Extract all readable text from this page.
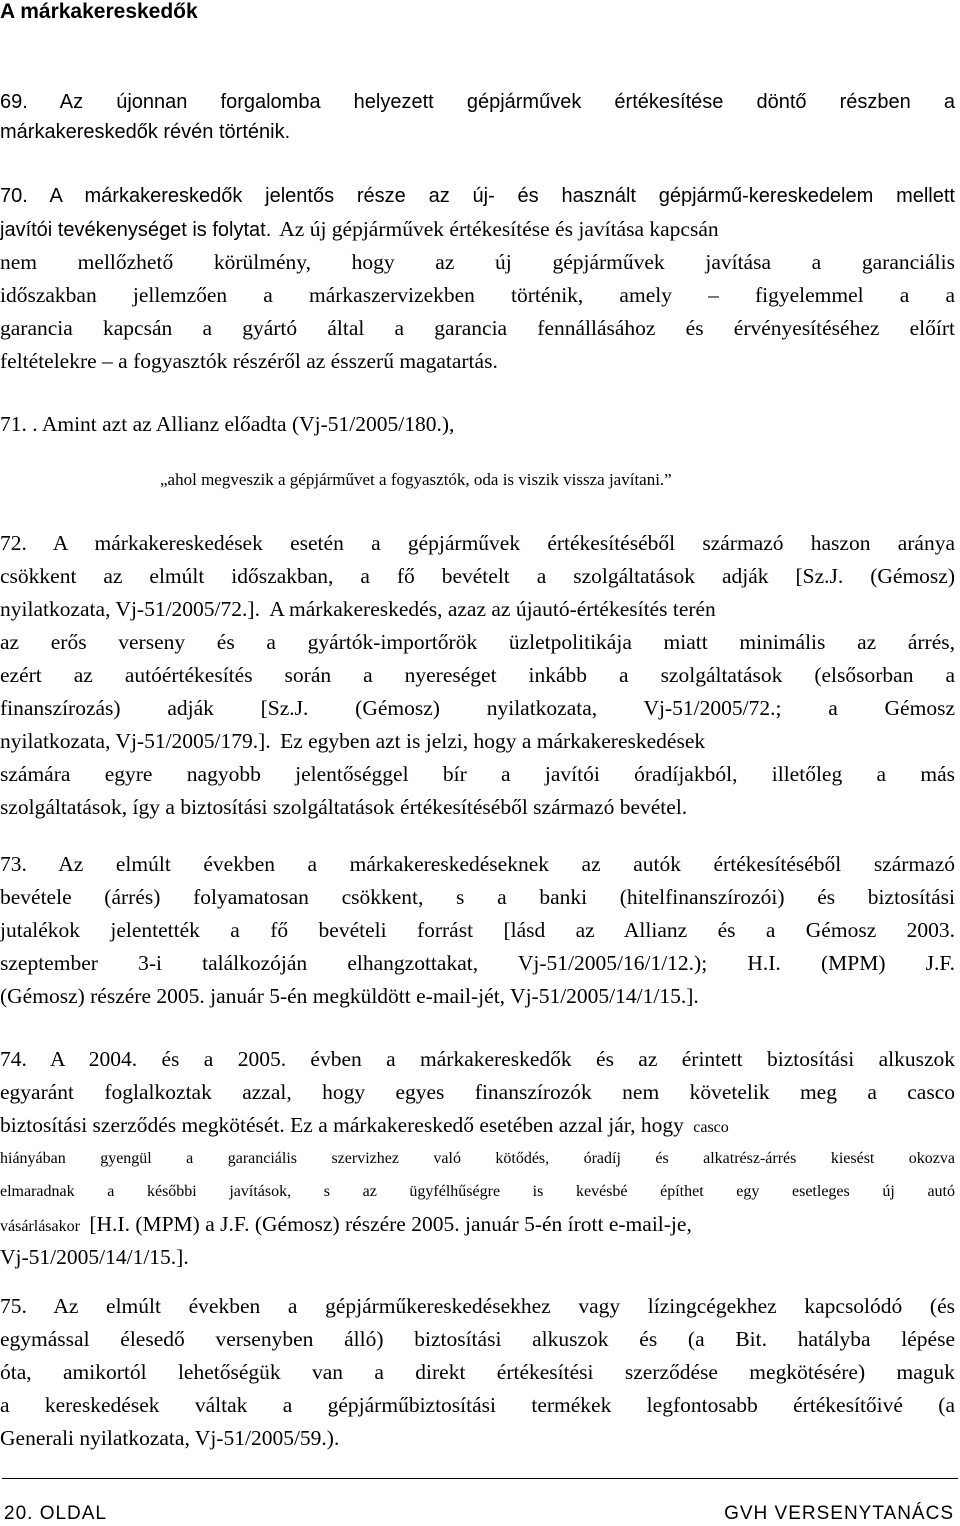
A márkakereskedők
69. Az újonnan forgalomba helyezett gépjárművek értékesítése döntő részben a
márkakereskedők révén történik.
70. A márkakereskedők jelentős része az új- és használt gépjármű-kereskedelem mellett
javítói tevékenységet is folytat. Az új gépjárművek értékesítése és javítása kapcsán
nem mellőzhető körülmény, hogy az új gépjárművek javítása a garanciális
időszakban jellemzően a márkaszervizekben történik, amely – figyelemmel a a
garancia kapcsán a gyártó által a garancia fennállásához és érvényesítéséhez előírt
feltételekre – a fogyasztók részéről az ésszerű magatartás.
71. . Amint azt az Allianz előadta (Vj-51/2005/180.),
„ahol megveszik a gépjárművet a fogyasztók, oda is viszik vissza javítani.”
72. A márkakereskedések esetén a gépjárművek értékesítéséből származó haszon aránya
csökkent az elmúlt időszakban, a fő bevételt a szolgáltatások adják [Sz.J. (Gémosz)
nyilatkozata, Vj-51/2005/72.]. A márkakereskedés, azaz az újautó-értékesítés terén
az erős verseny és a gyártók-importőrök üzletpolitikája miatt minimális az árrés,
ezért az autóértékesítés során a nyereséget inkább a szolgáltatások (elsősorban a
finanszírozás) adják [Sz.J. (Gémosz) nyilatkozata, Vj-51/2005/72.; a Gémosz
nyilatkozata, Vj-51/2005/179.]. Ez egyben azt is jelzi, hogy a márkakereskedések
számára egyre nagyobb jelentőséggel bír a javítói óradíjakból, illetőleg a más
szolgáltatások, így a biztosítási szolgáltatások értékesítéséből származó bevétel.
73. Az elmúlt években a márkakereskedéseknek az autók értékesítéséből származó
bevétele (árrés) folyamatosan csökkent, s a banki (hitelfinanszírozói) és biztosítási
jutalékok jelentették a fő bevételi forrást [lásd az Allianz és a Gémosz 2003.
szeptember 3-i találkozóján elhangzottakat, Vj-51/2005/16/1/12.); H.I. (MPM) J.F.
(Gémosz) részére 2005. január 5-én megküldött e-mail-jét, Vj-51/2005/14/1/15.].
74. A 2004. és a 2005. évben a márkakereskedők és az érintett biztosítási alkuszok
egyaránt foglalkoztak azzal, hogy egyes finanszírozók nem követelik meg a casco
biztosítási szerződés megkötését. Ez a márkakereskedő esetében azzal jár, hogy casco
hiányában gyengül a garanciális szervizhez való kötődés, óradíj és alkatrész-árrés kiesést okozva
elmaradnak a későbbi javítások, s az ügyfélhűségre is kevésbé építhet egy esetleges új autó
vásárlásakor [H.I. (MPM) a J.F. (Gémosz) részére 2005. január 5-én írott e-mail-je,
Vj-51/2005/14/1/15.].
75. Az elmúlt években a gépjárműkereskedésekhez vagy lízingcégekhez kapcsolódó (és
egymással élesedő versenyben álló) biztosítási alkuszok és (a Bit. hatályba lépése
óta, amikortól lehetőségük van a direkt értékesítési szerződése megkötésére) maguk
a kereskedések váltak a gépjárműbiztosítási termékek legfontosabb értékesítőivé (a
Generali nyilatkozata, Vj-51/2005/59.).
20. OLDAL	GVH VERSENYTANÁCS
